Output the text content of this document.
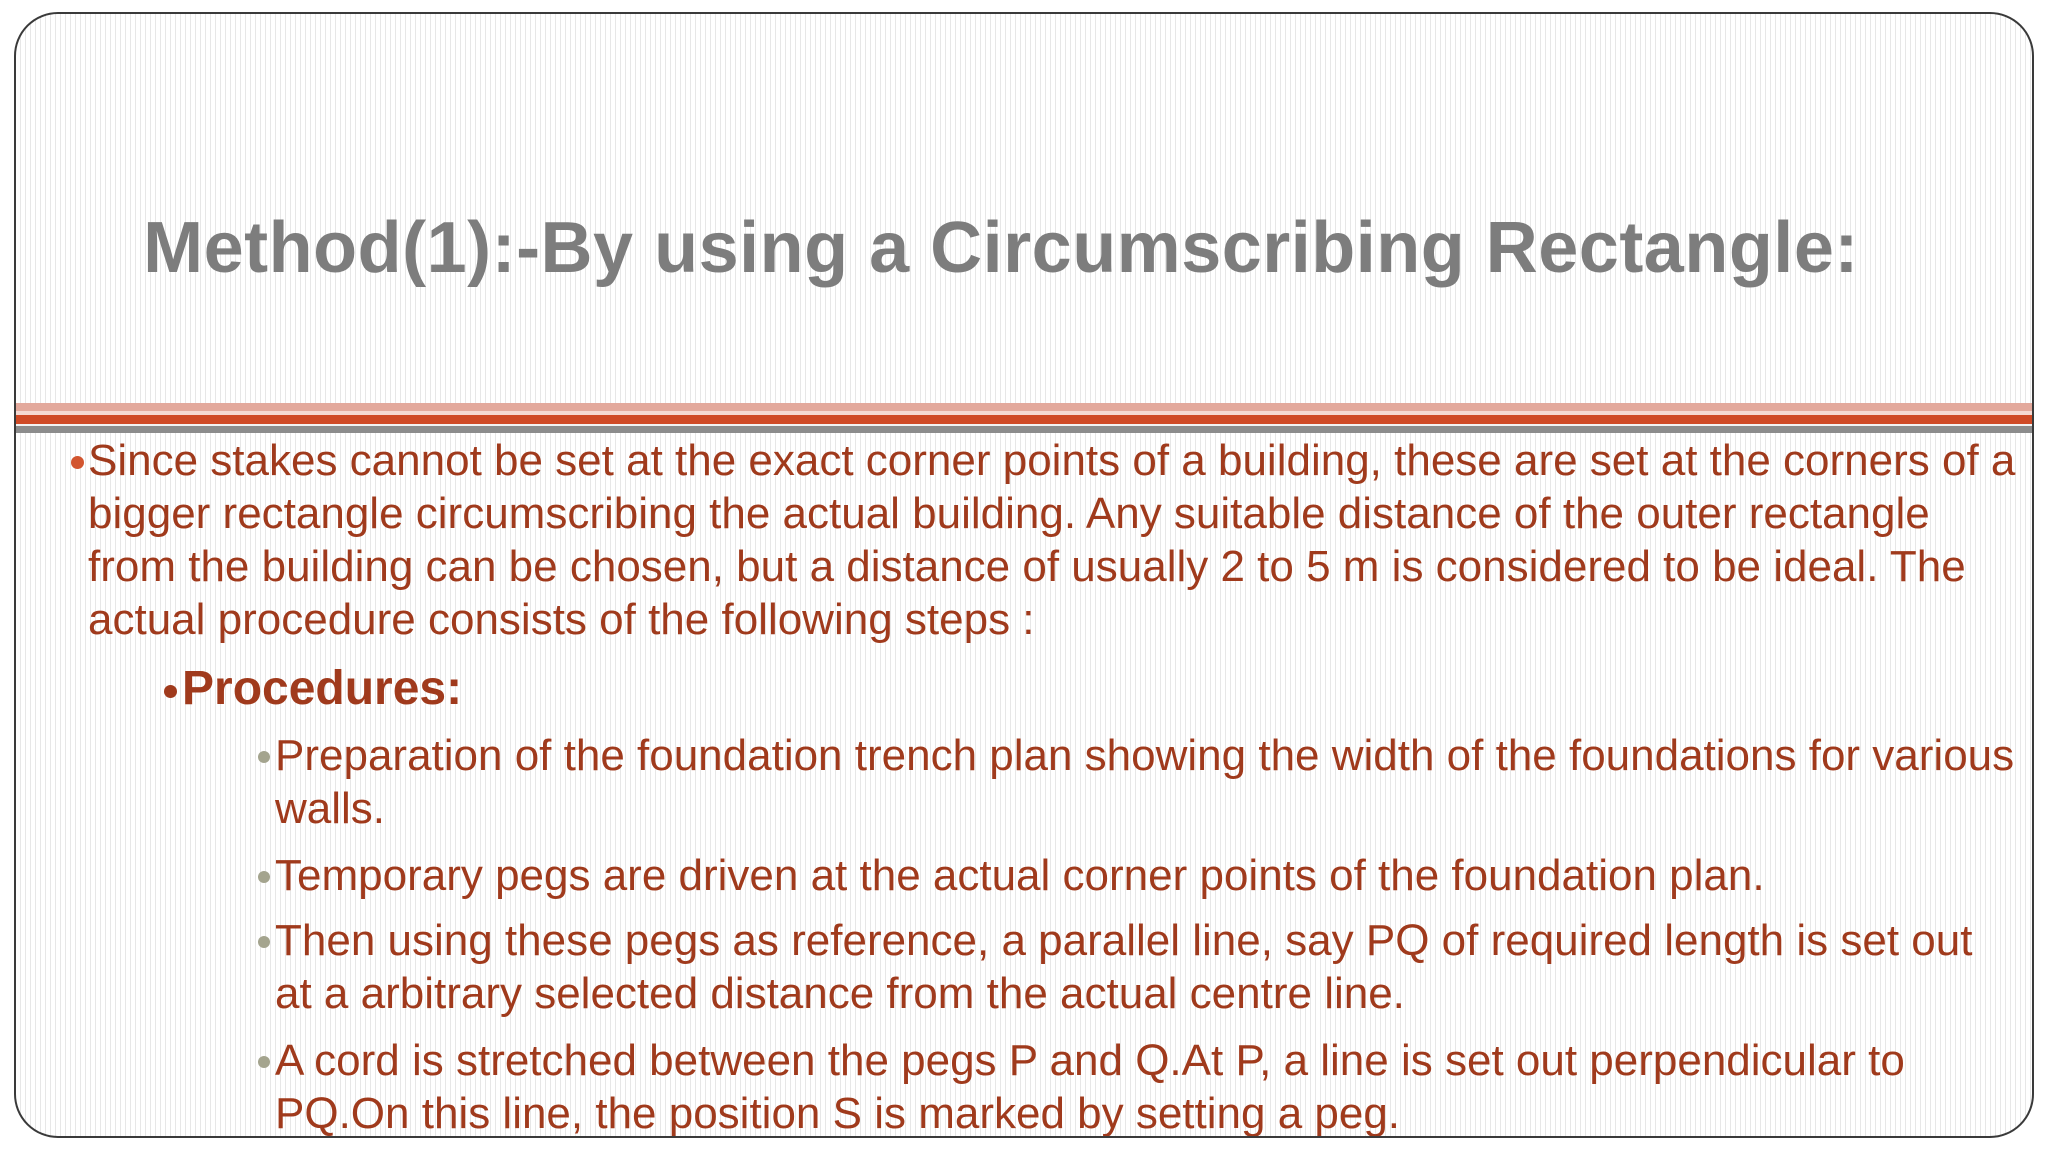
Method(1):-By using a Circumscribing Rectangle:
Since stakes cannot be set at the exact corner points of a building, these are set at the corners of a bigger rectangle circumscribing the actual building. Any suitable distance of the outer rectangle from the building can be chosen, but a distance of usually 2 to 5 m is considered to be ideal. The actual procedure consists of the following steps :
Procedures:
Preparation of the foundation trench plan showing the width of the foundations for various walls.
Temporary pegs are driven at the actual corner points of the foundation plan.
Then using these pegs as reference, a parallel line, say PQ of required length is set out at a arbitrary selected distance from the actual centre line.
A cord is stretched between the pegs P and Q.At P, a line is set out perpendicular to PQ.On this line, the position S is marked by setting a peg.
